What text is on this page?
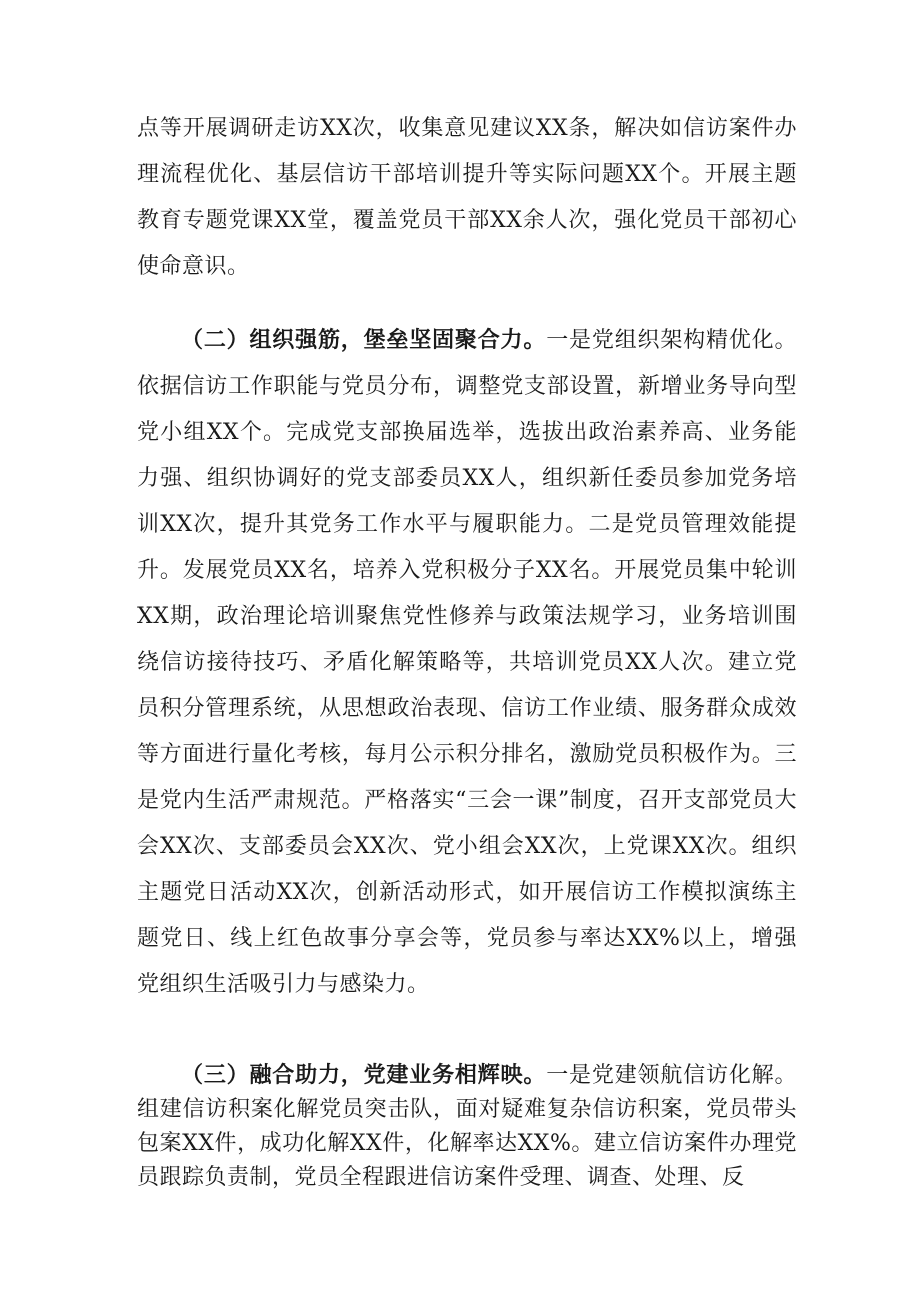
点等开展调研走访XX次，收集意见建议XX条，解决如信访案件办理流程优化、基层信访干部培训提升等实际问题XX个。开展主题教育专题党课XX堂，覆盖党员干部XX余人次，强化党员干部初心使命意识。

（二）组织强筋，堡垒坚固聚合力。一是党组织架构精优化。依据信访工作职能与党员分布，调整党支部设置，新增业务导向型党小组XX个。完成党支部换届选举，选拔出政治素养高、业务能力强、组织协调好的党支部委员XX人，组织新任委员参加党务培训XX次，提升其党务工作水平与履职能力。二是党员管理效能提升。发展党员XX名，培养入党积极分子XX名。开展党员集中轮训XX期，政治理论培训聚焦党性修养与政策法规学习，业务培训围绕信访接待技巧、矛盾化解策略等，共培训党员XX人次。建立党员积分管理系统，从思想政治表现、信访工作业绩、服务群众成效等方面进行量化考核，每月公示积分排名，激励党员积极作为。三是党内生活严肃规范。严格落实“三会一课”制度，召开支部党员大会XX次、支部委员会XX次、党小组会XX次，上党课XX次。组织主题党日活动XX次，创新活动形式，如开展信访工作模拟演练主题党日、线上红色故事分享会等，党员参与率达XX%以上，增强党组织生活吸引力与感染力。

（三）融合助力，党建业务相辉映。一是党建领航信访化解。组建信访积案化解党员突击队，面对疑难复杂信访积案，党员带头包案XX件，成功化解XX件，化解率达XX%。建立信访案件办理党员跟踪负责制，党员全程跟进信访案件受理、调查、处理、反
